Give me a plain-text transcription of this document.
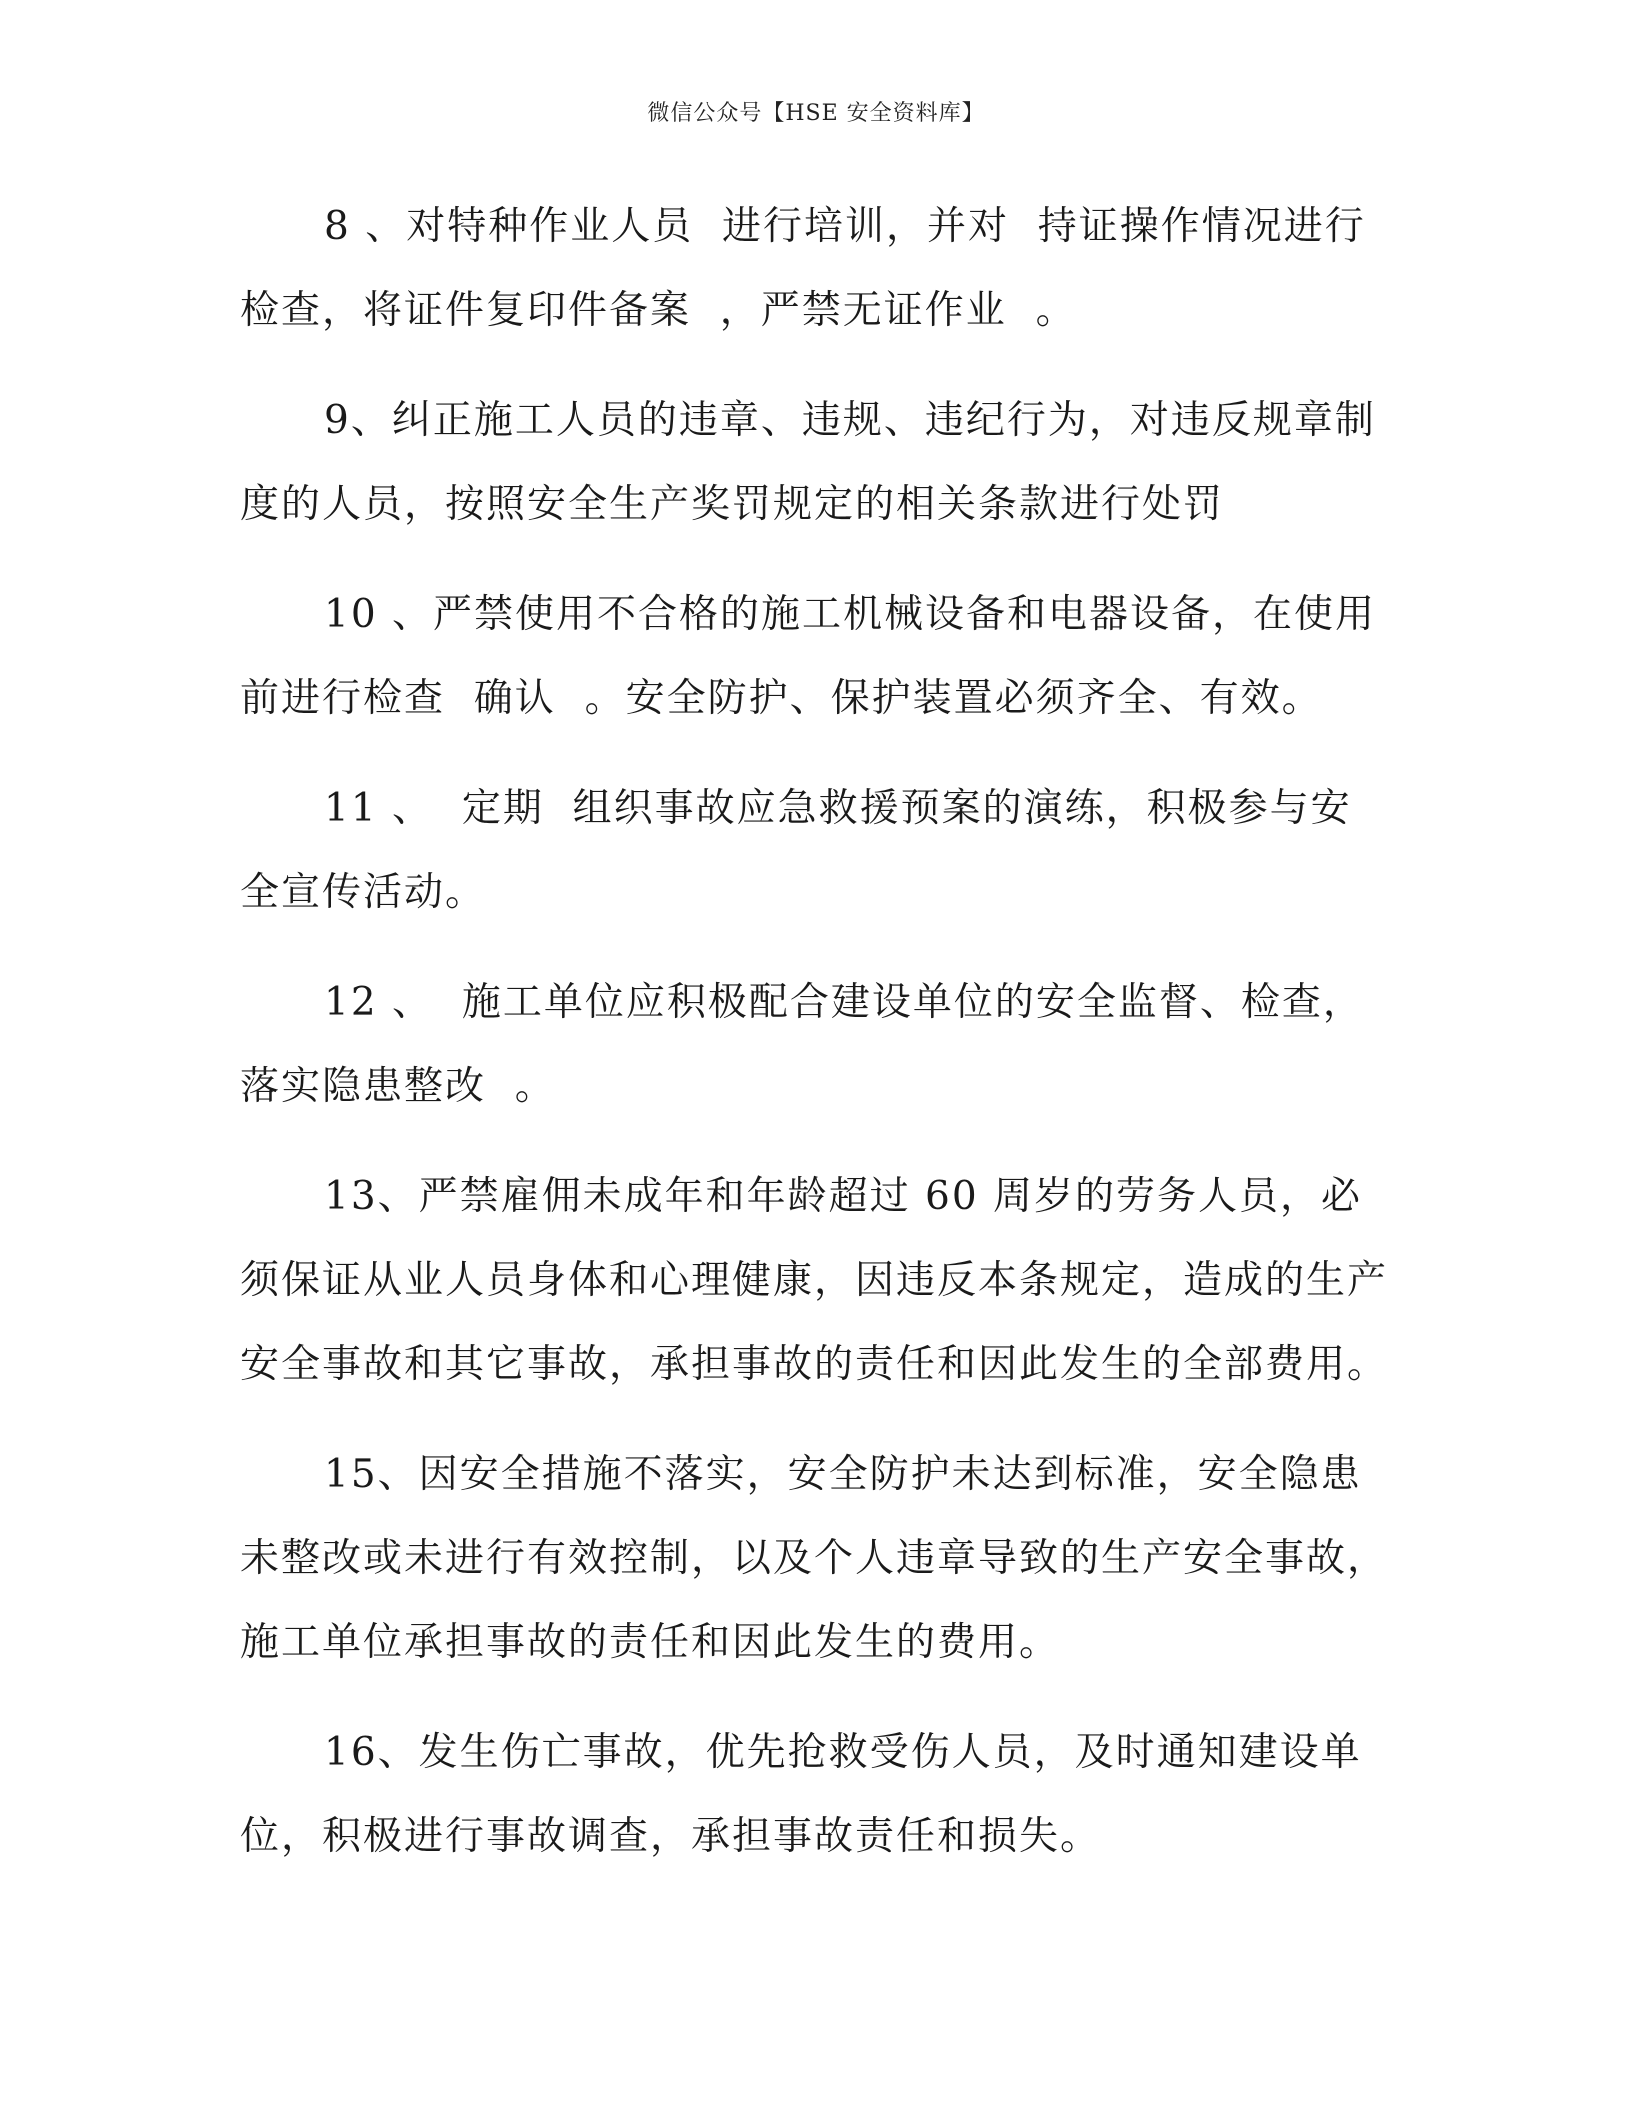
微信公众号【HSE 安全资料库】

8 、对特种作业人员  进行培训，并对  持证操作情况进行检查，将证件复印件备案  ，严禁无证作业  。

9、纠正施工人员的违章、违规、违纪行为，对违反规章制度的人员，按照安全生产奖罚规定的相关条款进行处罚

10 、严禁使用不合格的施工机械设备和电器设备，在使用前进行检查  确认  。安全防护、保护装置必须齐全、有效。

11 、  定期  组织事故应急救援预案的演练，积极参与安全宣传活动。

12 、  施工单位应积极配合建设单位的安全监督、检查，落实隐患整改  。

13、严禁雇佣未成年和年龄超过 60 周岁的劳务人员，必须保证从业人员身体和心理健康，因违反本条规定，造成的生产安全事故和其它事故，承担事故的责任和因此发生的全部费用。

15、因安全措施不落实，安全防护未达到标准，安全隐患未整改或未进行有效控制，以及个人违章导致的生产安全事故，施工单位承担事故的责任和因此发生的费用。

16、发生伤亡事故，优先抢救受伤人员，及时通知建设单位，积极进行事故调查，承担事故责任和损失。
